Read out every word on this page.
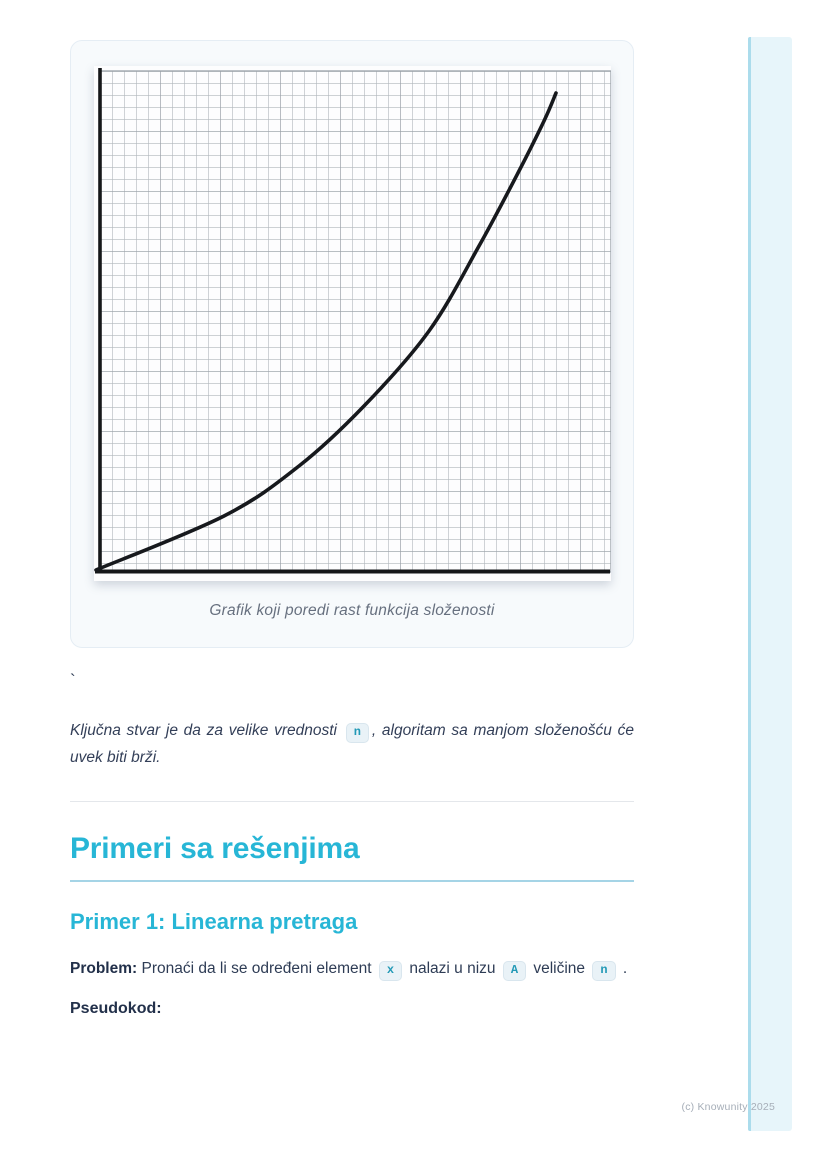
Grafik koji poredi rast funkcija složenosti
`

Ključna stvar je da za velike vrednosti n , algoritam sa manjom složenošću će uvek biti brži.

Primeri sa rešenjima
Primer 1: Linearna pretraga

Problem: Pronaći da li se određeni element x nalazi u nizu A veličine n .

Pseudokod:

(c) Knowunity 2025
